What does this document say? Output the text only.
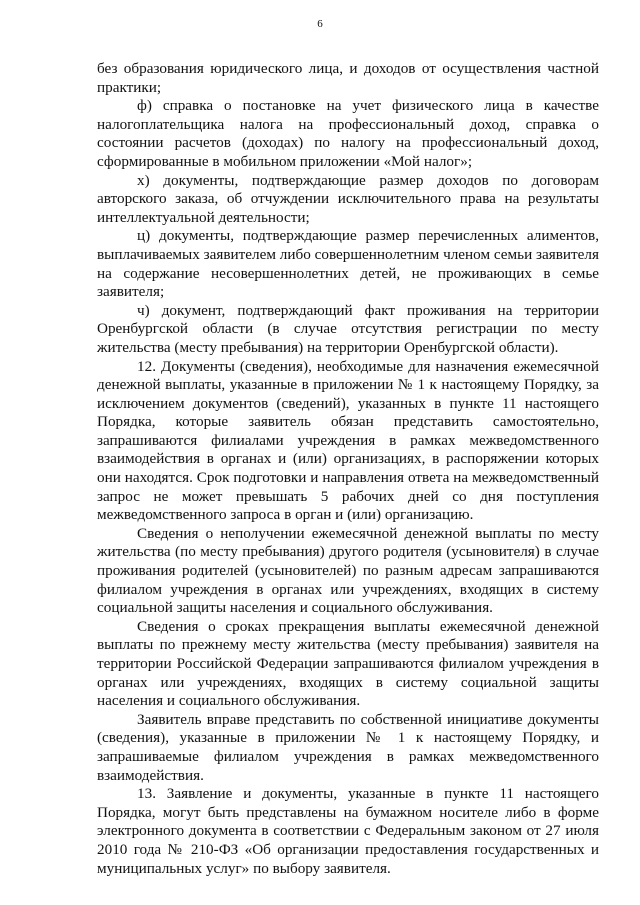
6

без образования юридического лица, и доходов от осуществления частной практики;

ф) справка о постановке на учет физического лица в качестве налогоплательщика налога на профессиональный доход, справка о состоянии расчетов (доходах) по налогу на профессиональный доход, сформированные в мобильном приложении «Мой налог»;

х) документы, подтверждающие размер доходов по договорам авторского заказа, об отчуждении исключительного права на результаты интеллектуальной деятельности;

ц) документы, подтверждающие размер перечисленных алиментов, выплачиваемых заявителем либо совершеннолетним членом семьи заявителя на содержание несовершеннолетних детей, не проживающих в семье заявителя;

ч) документ, подтверждающий факт проживания на территории Оренбургской области (в случае отсутствия регистрации по месту жительства (месту пребывания) на территории Оренбургской области).

12. Документы (сведения), необходимые для назначения ежемесячной денежной выплаты, указанные в приложении № 1 к настоящему Порядку, за исключением документов (сведений), указанных в пункте 11 настоящего Порядка, которые заявитель обязан представить самостоятельно, запрашиваются филиалами учреждения в рамках межведомственного взаимодействия в органах и (или) организациях, в распоряжении которых они находятся. Срок подготовки и направления ответа на межведомственный запрос не может превышать 5 рабочих дней со дня поступления межведомственного запроса в орган и (или) организацию.

Сведения о неполучении ежемесячной денежной выплаты по месту жительства (по месту пребывания) другого родителя (усыновителя) в случае проживания родителей (усыновителей) по разным адресам запрашиваются филиалом учреждения в органах или учреждениях, входящих в систему социальной защиты населения и социального обслуживания.

Сведения о сроках прекращения выплаты ежемесячной денежной выплаты по прежнему месту жительства (месту пребывания) заявителя на территории Российской Федерации запрашиваются филиалом учреждения в органах или учреждениях, входящих в систему социальной защиты населения и социального обслуживания.

Заявитель вправе представить по собственной инициативе документы (сведения), указанные в приложении № 1 к настоящему Порядку, и запрашиваемые филиалом учреждения в рамках межведомственного взаимодействия.

13. Заявление и документы, указанные в пункте 11 настоящего Порядка, могут быть представлены на бумажном носителе либо в форме электронного документа в соответствии с Федеральным законом от 27 июля 2010 года № 210-ФЗ «Об организации предоставления государственных и муниципальных услуг» по выбору заявителя.
